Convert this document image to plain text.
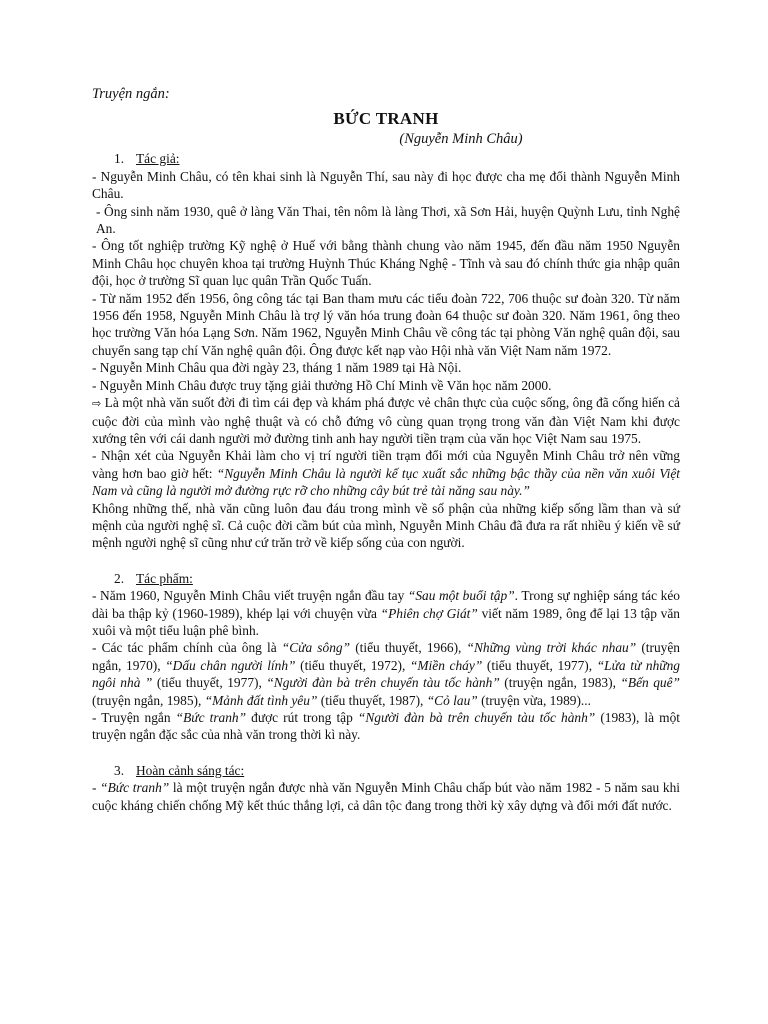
Truyện ngắn:
BỨC TRANH
(Nguyễn Minh Châu)
1. Tác giả:

- Nguyễn Minh Châu, có tên khai sinh là Nguyễn Thí, sau này đi học được cha mẹ đổi thành Nguyễn Minh Châu.

- Ông sinh năm 1930, quê ở làng Văn Thai, tên nôm là làng Thơi, xã Sơn Hải, huyện Quỳnh Lưu, tỉnh Nghệ An.

- Ông tốt nghiệp trường Kỹ nghệ ở Huế với bằng thành chung vào năm 1945, đến đầu năm 1950 Nguyễn Minh Châu học chuyên khoa tại trường Huỳnh Thúc Kháng Nghệ - Tĩnh và sau đó chính thức gia nhập quân đội, học ở trường Sĩ quan lục quân Trần Quốc Tuấn.

- Từ năm 1952 đến 1956, ông công tác tại Ban tham mưu các tiểu đoàn 722, 706 thuộc sư đoàn 320. Từ năm 1956 đến 1958, Nguyễn Minh Châu là trợ lý văn hóa trung đoàn 64 thuộc sư đoàn 320. Năm 1961, ông theo học trường Văn hóa Lạng Sơn. Năm 1962, Nguyễn Minh Châu về công tác tại phòng Văn nghệ quân đội, sau chuyển sang tạp chí Văn nghệ quân đội. Ông được kết nạp vào Hội nhà văn Việt Nam năm 1972.

- Nguyễn Minh Châu qua đời ngày 23, tháng 1 năm 1989 tại Hà Nội.

- Nguyễn Minh Châu được truy tặng giải thưởng Hồ Chí Minh về Văn học năm 2000.

⇨ Là một nhà văn suốt đời đi tìm cái đẹp và khám phá được vẻ chân thực của cuộc sống, ông đã cống hiến cả cuộc đời của mình vào nghệ thuật và có chỗ đứng vô cùng quan trọng trong văn đàn Việt Nam khi được xướng tên với cái danh người mở đường tinh anh hay người tiền trạm của văn học Việt Nam sau 1975.

- Nhận xét của Nguyễn Khải làm cho vị trí người tiền trạm đổi mới của Nguyễn Minh Châu trở nên vững vàng hơn bao giờ hết: “Nguyễn Minh Châu là người kế tục xuất sắc những bậc thầy của nền văn xuôi Việt Nam và cũng là người mở đường rực rỡ cho những cây bút trẻ tài năng sau này.”

Không những thế, nhà văn cũng luôn đau đáu trong mình về số phận của những kiếp sống lầm than và sứ mệnh của người nghệ sĩ. Cả cuộc đời cầm bút của mình, Nguyễn Minh Châu đã đưa ra rất nhiều ý kiến về sứ mệnh người nghệ sĩ cũng như cứ trăn trở về kiếp sống của con người.

2. Tác phẩm:

- Năm 1960, Nguyễn Minh Châu viết truyện ngắn đầu tay “Sau một buổi tập”. Trong sự nghiệp sáng tác kéo dài ba thập kỷ (1960-1989), khép lại với chuyện vừa “Phiên chợ Giát” viết năm 1989, ông để lại 13 tập văn xuôi và một tiểu luận phê bình.

- Các tác phẩm chính của ông là “Cửa sông” (tiểu thuyết, 1966), “Những vùng trời khác nhau” (truyện ngắn, 1970), “Dấu chân người lính” (tiểu thuyết, 1972), “Miền cháy” (tiểu thuyết, 1977), “Lửa từ những ngôi nhà ” (tiểu thuyết, 1977), “Người đàn bà trên chuyến tàu tốc hành” (truyện ngắn, 1983), “Bến quê” (truyện ngắn, 1985), “Mảnh đất tình yêu” (tiểu thuyết, 1987), “Cỏ lau” (truyện vừa, 1989)...

- Truyện ngắn “Bức tranh” được rút trong tập “Người đàn bà trên chuyến tàu tốc hành” (1983), là một truyện ngắn đặc sắc của nhà văn trong thời kì này.

3. Hoàn cảnh sáng tác:

- “Bức tranh” là một truyện ngắn được nhà văn Nguyễn Minh Châu chấp bút vào năm 1982 - 5 năm sau khi cuộc kháng chiến chống Mỹ kết thúc thắng lợi, cả dân tộc đang trong thời kỳ xây dựng và đổi mới đất nước.
